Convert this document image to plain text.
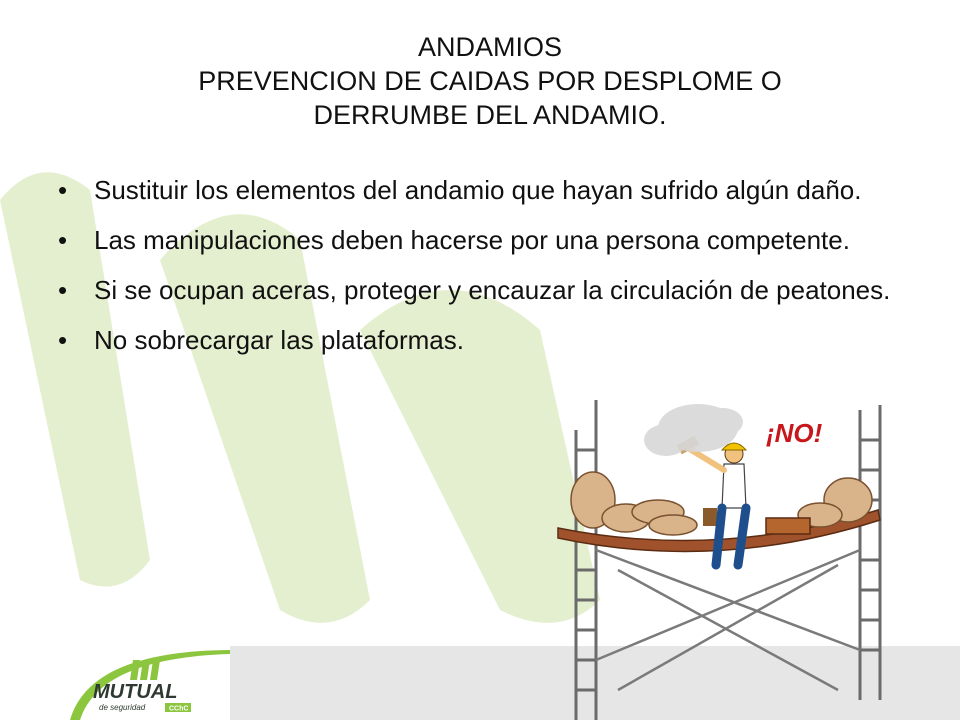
ANDAMIOS
PREVENCION DE CAIDAS POR DESPLOME O
DERRUMBE DEL ANDAMIO.
• Sustituir los elementos del andamio que hayan sufrido algún daño.
• Las manipulaciones deben hacerse por una persona competente.
• Si se ocupan aceras, proteger y encauzar la circulación de peatones.
• No sobrecargar las plataformas.
MUTUAL
de seguridad	CChC
¡NO!
